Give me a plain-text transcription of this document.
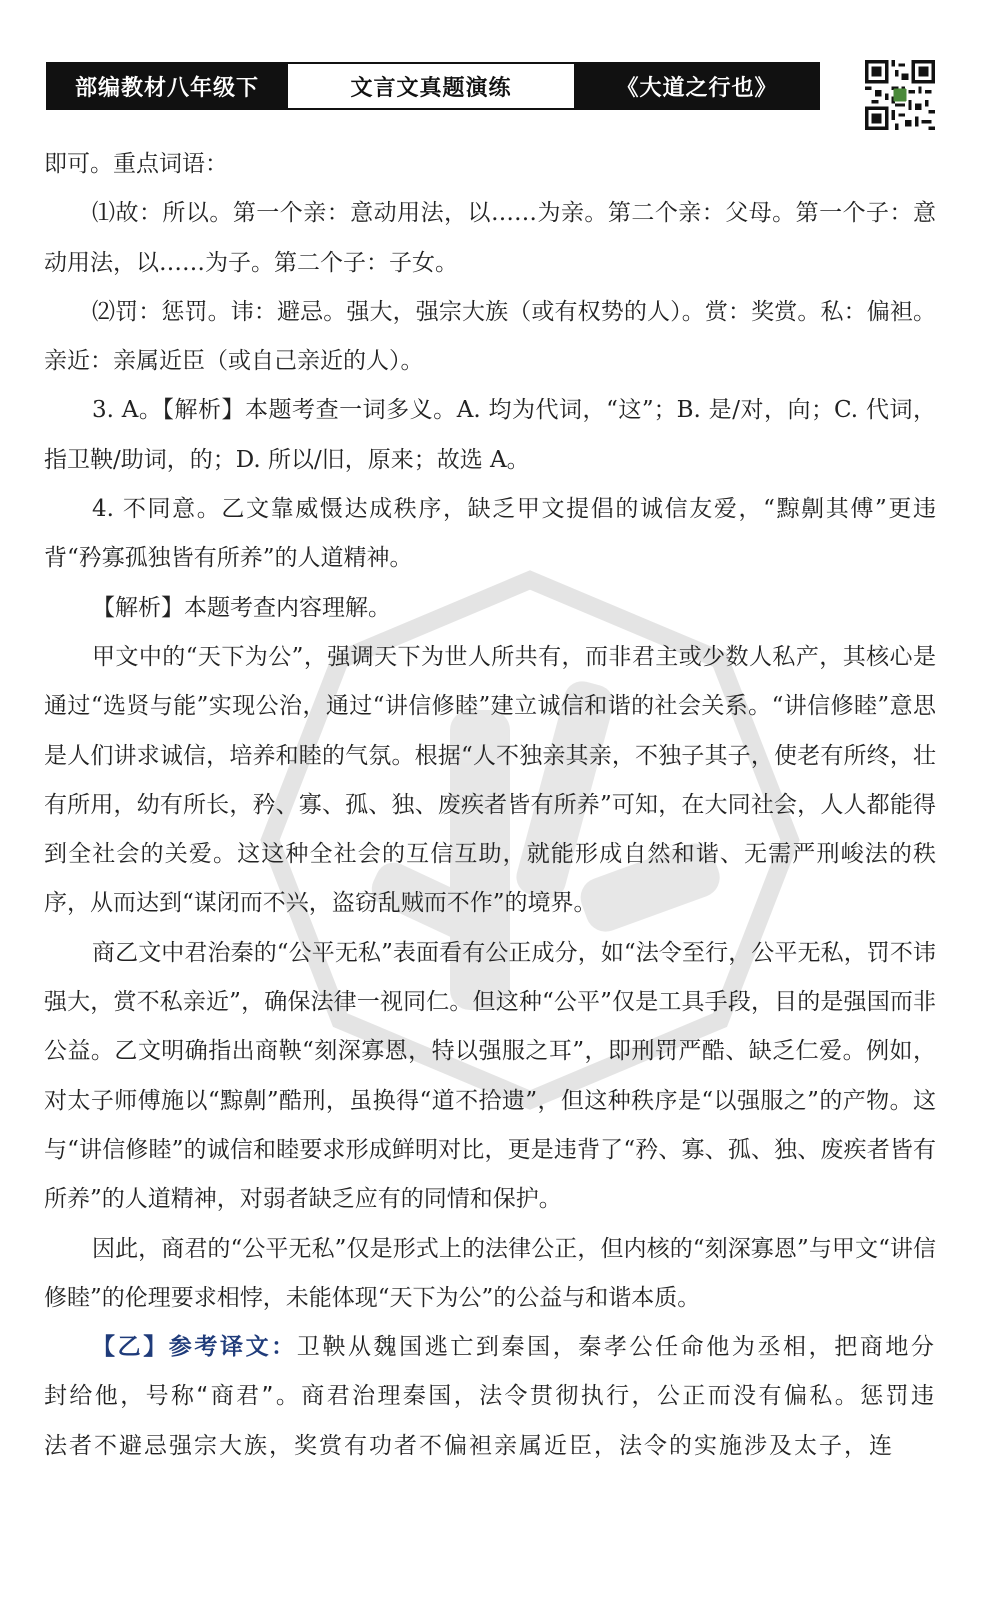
部编教材八年级下	文言文真题演练	《大道之行也》

即可。重点词语：

⑴故：所以。第一个亲：意动用法，以……为亲。第二个亲：父母。第一个子：意动用法，以……为子。第二个子：子女。

⑵罚：惩罚。讳：避忌。强大，强宗大族（或有权势的人）。赏：奖赏。私：偏袒。亲近：亲属近臣（或自己亲近的人）。

3. A。【解析】本题考查一词多义。A. 均为代词，“这”；B. 是/对，向；C. 代词，指卫鞅/助词，的；D. 所以/旧，原来；故选 A。

4. 不同意。乙文靠威慑达成秩序，缺乏甲文提倡的诚信友爱，“黥劓其傅”更违背“矜寡孤独皆有所养”的人道精神。

【解析】本题考查内容理解。

甲文中的“天下为公”，强调天下为世人所共有，而非君主或少数人私产，其核心是通过“选贤与能”实现公治，通过“讲信修睦”建立诚信和谐的社会关系。“讲信修睦”意思是人们讲求诚信，培养和睦的气氛。根据“人不独亲其亲，不独子其子，使老有所终，壮有所用，幼有所长，矜、寡、孤、独、废疾者皆有所养”可知，在大同社会，人人都能得到全社会的关爱。这这种全社会的互信互助，就能形成自然和谐、无需严刑峻法的秩序，从而达到“谋闭而不兴，盗窃乱贼而不作”的境界。

商乙文中君治秦的“公平无私”表面看有公正成分，如“法令至行，公平无私，罚不讳强大，赏不私亲近”，确保法律一视同仁。但这种“公平”仅是工具手段，目的是强国而非公益。乙文明确指出商鞅“刻深寡恩，特以强服之耳”，即刑罚严酷、缺乏仁爱。例如，对太子师傅施以“黥劓”酷刑，虽换得“道不拾遗”，但这种秩序是“以强服之”的产物。这与“讲信修睦”的诚信和睦要求形成鲜明对比，更是违背了“矜、寡、孤、独、废疾者皆有所养”的人道精神，对弱者缺乏应有的同情和保护。

因此，商君的“公平无私”仅是形式上的法律公正，但内核的“刻深寡恩”与甲文“讲信修睦”的伦理要求相悖，未能体现“天下为公”的公益与和谐本质。

【乙】参考译文：卫鞅从魏国逃亡到秦国，秦孝公任命他为丞相，把商地分封给他，号称“商君”。商君治理秦国，法令贯彻执行，公正而没有偏私。惩罚违法者不避忌强宗大族，奖赏有功者不偏袒亲属近臣，法令的实施涉及太子，连
